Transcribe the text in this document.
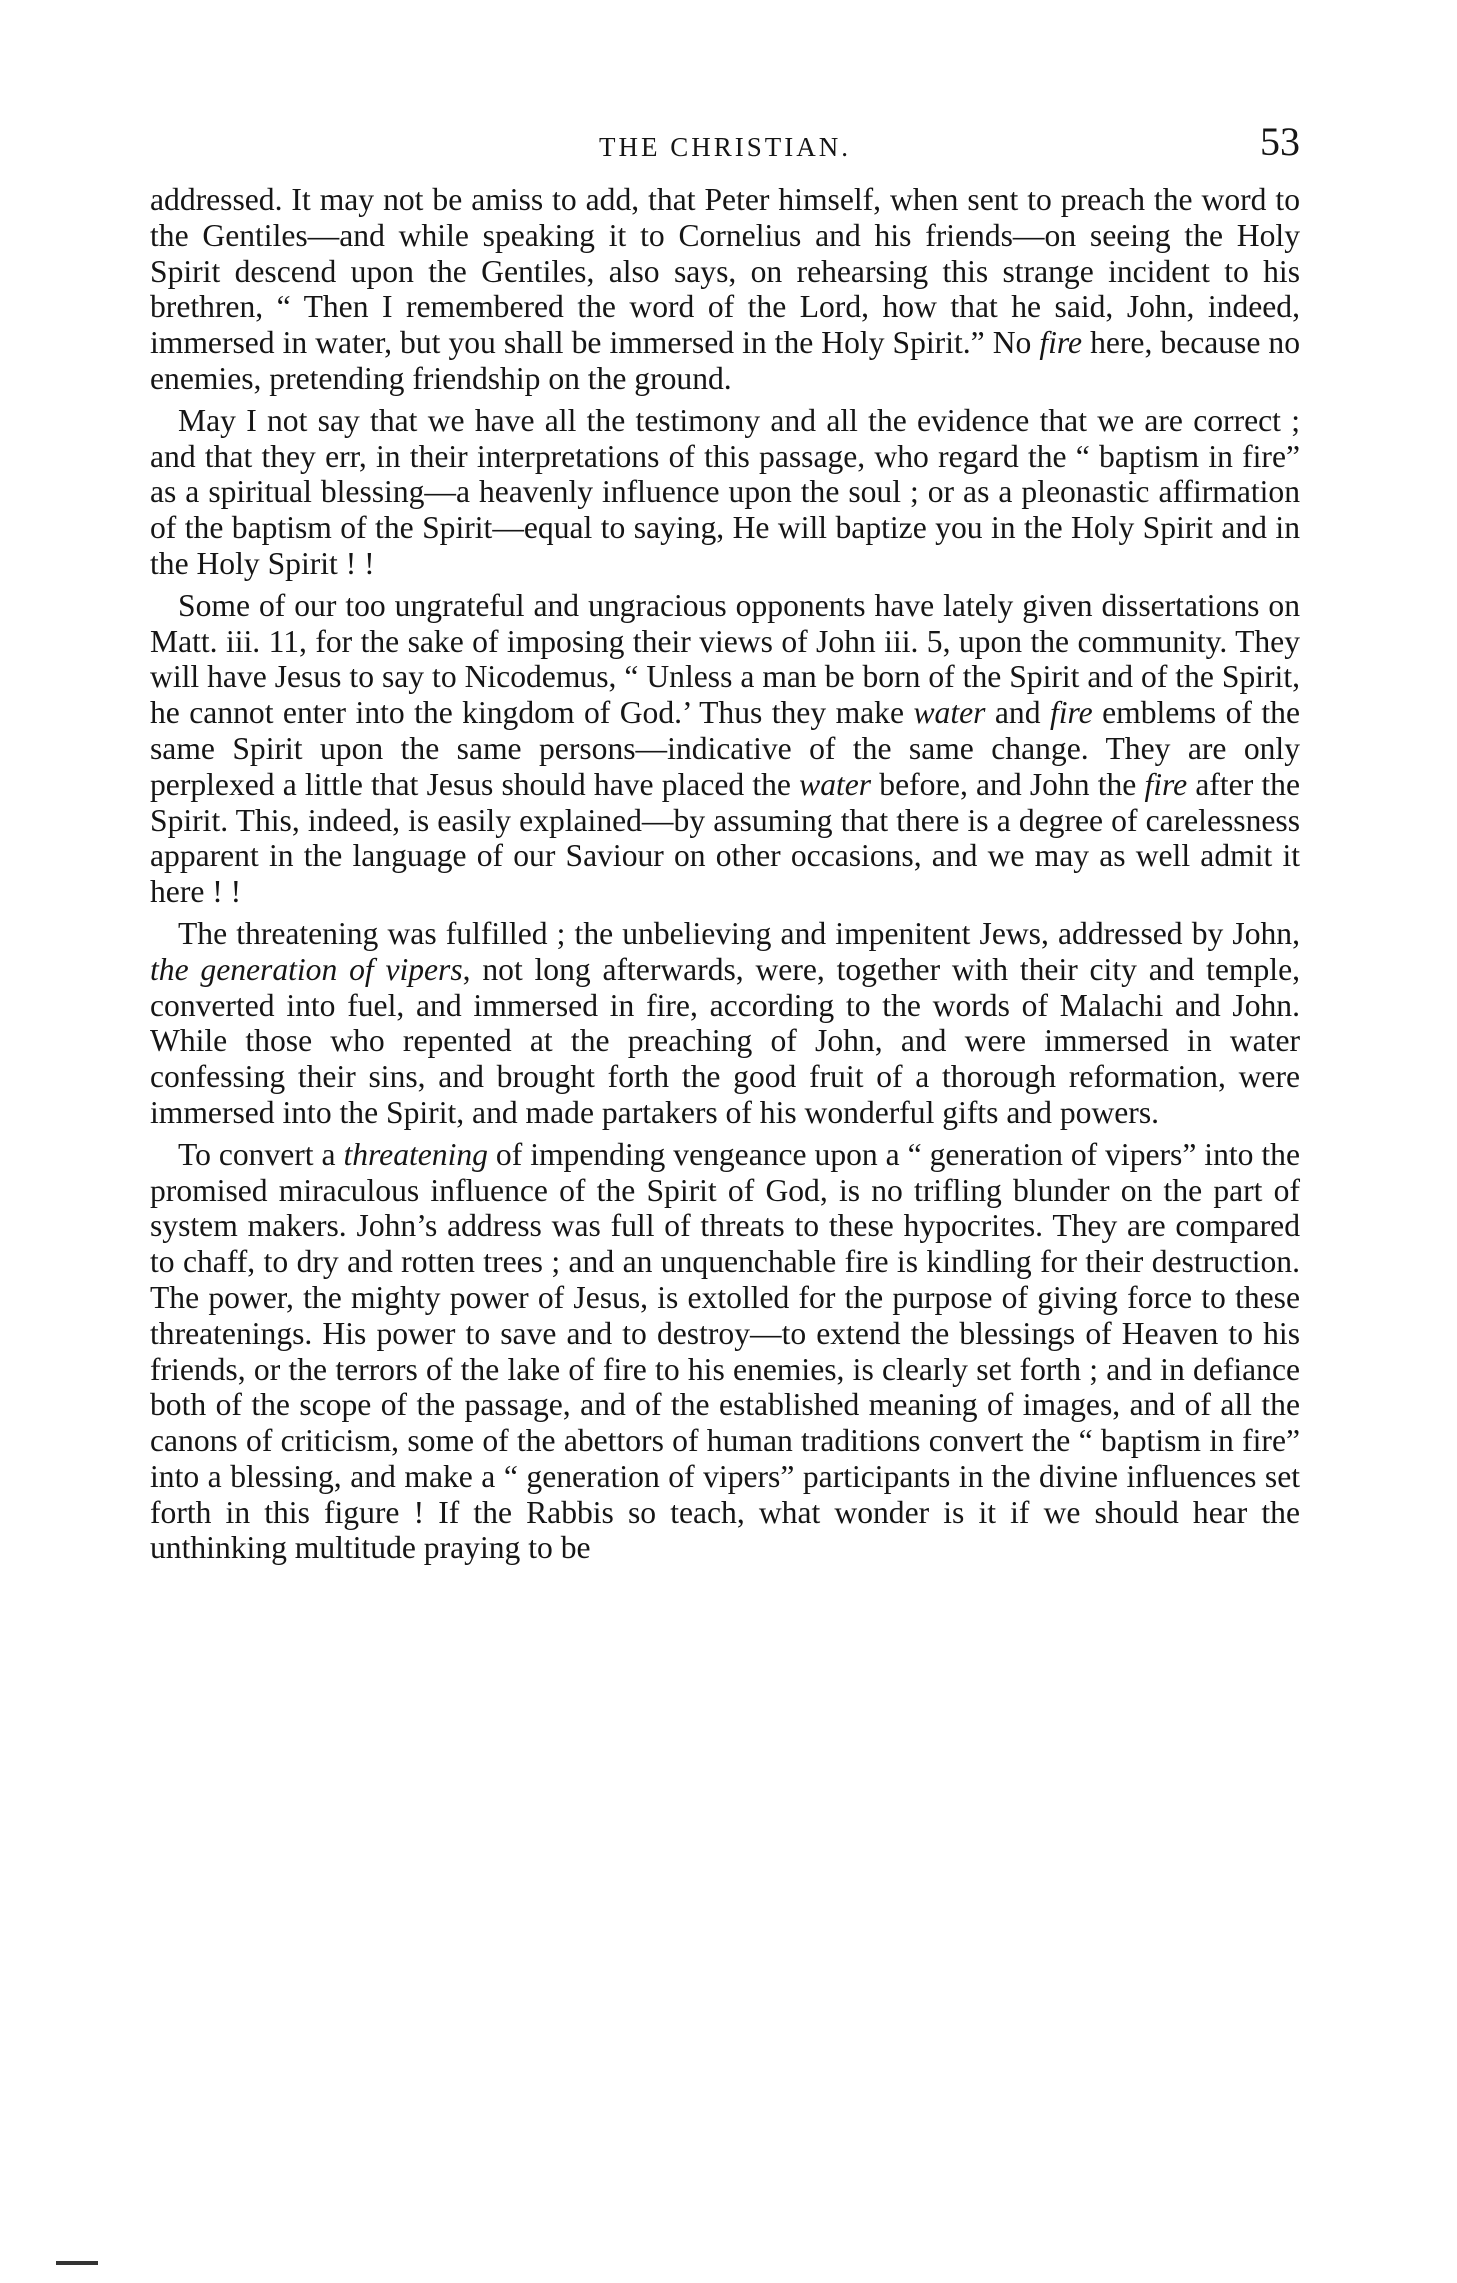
THE CHRISTIAN.	53

addressed. It may not be amiss to add, that Peter himself, when sent to preach the word to the Gentiles—and while speaking it to Cornelius and his friends—on seeing the Holy Spirit descend upon the Gentiles, also says, on rehearsing this strange incident to his brethren, “ Then I remembered the word of the Lord, how that he said, John, indeed, immersed in water, but you shall be immersed in the Holy Spirit.” No fire here, because no enemies, pretending friendship on the ground.

May I not say that we have all the testimony and all the evidence that we are correct ; and that they err, in their interpretations of this passage, who regard the “ baptism in fire” as a spiritual blessing—a heavenly influence upon the soul ; or as a pleonastic affirmation of the baptism of the Spirit—equal to saying, He will baptize you in the Holy Spirit and in the Holy Spirit ! !

Some of our too ungrateful and ungracious opponents have lately given dissertations on Matt. iii. 11, for the sake of imposing their views of John iii. 5, upon the community. They will have Jesus to say to Nicodemus, “ Unless a man be born of the Spirit and of the Spirit, he cannot enter into the kingdom of God.’ Thus they make water and fire emblems of the same Spirit upon the same persons—indicative of the same change. They are only perplexed a little that Jesus should have placed the water before, and John the fire after the Spirit. This, indeed, is easily explained—by assuming that there is a degree of carelessness apparent in the language of our Saviour on other occasions, and we may as well admit it here ! !

The threatening was fulfilled ; the unbelieving and impenitent Jews, addressed by John, the generation of vipers, not long afterwards, were, together with their city and temple, converted into fuel, and immersed in fire, according to the words of Malachi and John. While those who repented at the preaching of John, and were immersed in water confessing their sins, and brought forth the good fruit of a thorough reformation, were immersed into the Spirit, and made partakers of his wonderful gifts and powers.

To convert a threatening of impending vengeance upon a “ generation of vipers” into the promised miraculous influence of the Spirit of God, is no trifling blunder on the part of system makers. John’s address was full of threats to these hypocrites. They are compared to chaff, to dry and rotten trees ; and an unquenchable fire is kindling for their destruction. The power, the mighty power of Jesus, is extolled for the purpose of giving force to these threatenings. His power to save and to destroy—to extend the blessings of Heaven to his friends, or the terrors of the lake of fire to his enemies, is clearly set forth ; and in defiance both of the scope of the passage, and of the established meaning of images, and of all the canons of criticism, some of the abettors of human traditions convert the “ baptism in fire” into a blessing, and make a “ generation of vipers” participants in the divine influences set forth in this figure ! If the Rabbis so teach, what wonder is it if we should hear the unthinking multitude praying to be
